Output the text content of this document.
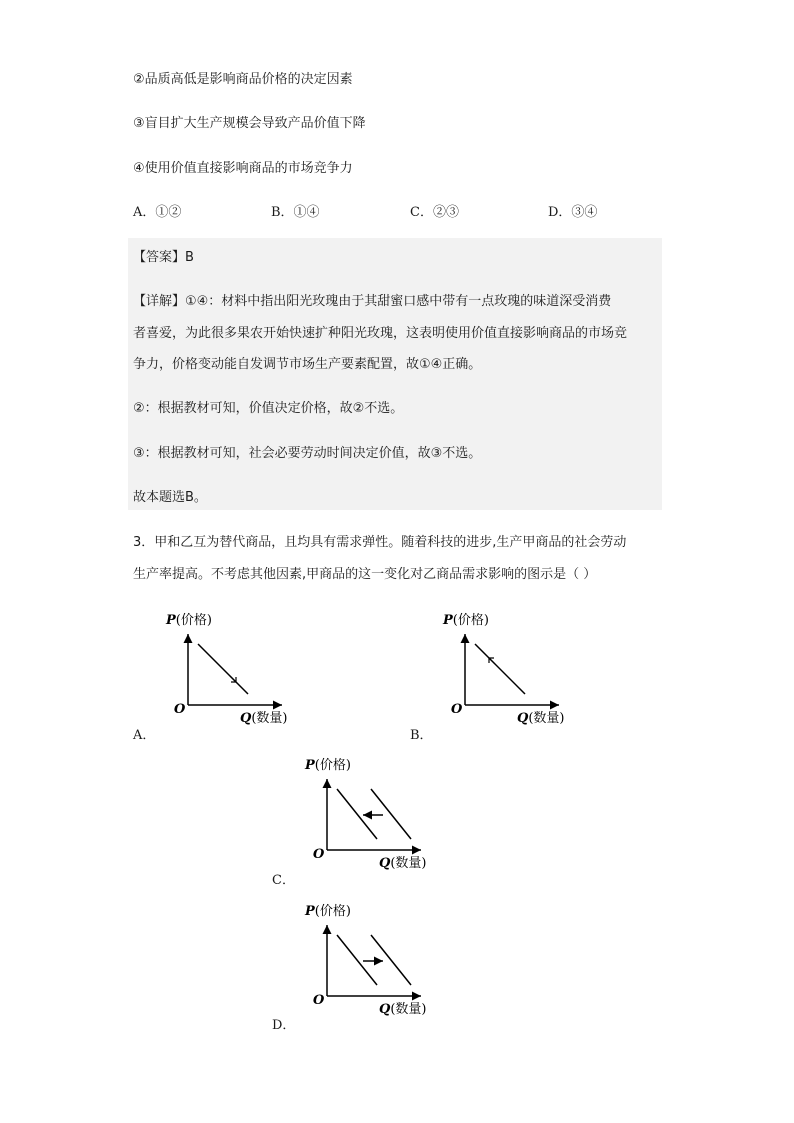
②品质高低是影响商品价格的决定因素
③盲目扩大生产规模会导致产品价值下降
④使用价值直接影响商品的市场竞争力
A．①②	B．①④	C．②③	D．③④
【答案】B
【详解】①④：材料中指出阳光玫瑰由于其甜蜜口感中带有一点玫瑰的味道深受消费
者喜爱，为此很多果农开始快速扩种阳光玫瑰，这表明使用价值直接影响商品的市场竞
争力，价格变动能自发调节市场生产要素配置，故①④正确。
②：根据教材可知，价值决定价格，故②不选。
③：根据教材可知，社会必要劳动时间决定价值，故③不选。
故本题选B。
3．甲和乙互为替代商品，且均具有需求弹性。随着科技的进步,生产甲商品的社会劳动
生产率提高。不考虑其他因素,甲商品的这一变化对乙商品需求影响的图示是（ ）
P(价格)
O
Q(数量)
A．
P(价格)
O
Q(数量)
B．
P(价格)
O
Q(数量)
C．
P(价格)
O
Q(数量)
D．
